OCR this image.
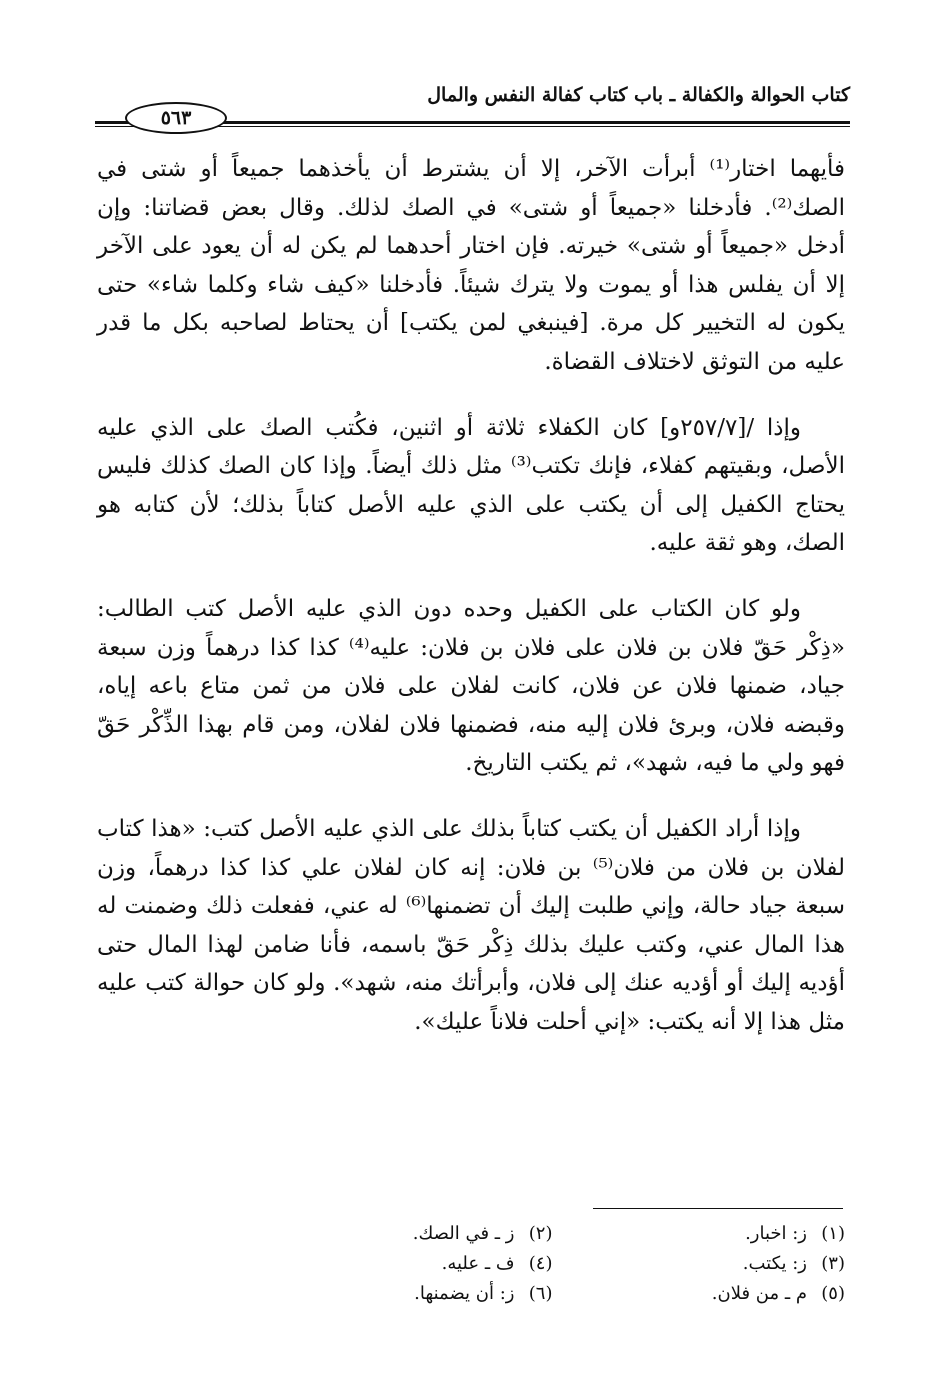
كتاب الحوالة والكفالة ـ باب كتاب كفالة النفس والمال
٥٦٣

فأيهما اختار⁽¹⁾ أبرأت الآخر، إلا أن يشترط أن يأخذهما جميعاً أو شتى في الصك⁽²⁾. فأدخلنا «جميعاً أو شتى» في الصك لذلك. وقال بعض قضاتنا: وإن أدخل «جميعاً أو شتى» خيرته. فإن اختار أحدهما لم يكن له أن يعود على الآخر إلا أن يفلس هذا أو يموت ولا يترك شيئاً. فأدخلنا «كيف شاء وكلما شاء» حتى يكون له التخيير كل مرة. [فينبغي لمن يكتب] أن يحتاط لصاحبه بكل ما قدر عليه من التوثق لاختلاف القضاة.

وإذا /[٢٥٧/٧و] كان الكفلاء ثلاثة أو اثنين، فكُتب الصك على الذي عليه الأصل، وبقيتهم كفلاء، فإنك تكتب⁽³⁾ مثل ذلك أيضاً. وإذا كان الصك كذلك فليس يحتاج الكفيل إلى أن يكتب على الذي عليه الأصل كتاباً بذلك؛ لأن كتابه هو الصك، وهو ثقة عليه.

ولو كان الكتاب على الكفيل وحده دون الذي عليه الأصل كتب الطالب: «ذِكْر حَقّ فلان بن فلان على فلان بن فلان: عليه⁽⁴⁾ كذا كذا درهماً وزن سبعة جياد، ضمنها فلان عن فلان، كانت لفلان على فلان من ثمن متاع باعه إياه، وقبضه فلان، وبرئ فلان إليه منه، فضمنها فلان لفلان، ومن قام بهذا الذِّكْر حَقّ فهو ولي ما فيه، شهد»، ثم يكتب التاريخ.

وإذا أراد الكفيل أن يكتب كتاباً بذلك على الذي عليه الأصل كتب: «هذا كتاب لفلان بن فلان من فلان⁽⁵⁾ بن فلان: إنه كان لفلان علي كذا كذا درهماً، وزن سبعة جياد حالة، وإني طلبت إليك أن تضمنها⁽⁶⁾ له عني، ففعلت ذلك وضمنت له هذا المال عني، وكتب عليك بذلك ذِكْر حَقّ باسمه، فأنا ضامن لهذا المال حتى أؤديه إليك أو أؤديه عنك إلى فلان، وأبرأتك منه، شهد». ولو كان حوالة كتب عليه مثل هذا إلا أنه يكتب: «إني أحلت فلاناً عليك».

(١)ز: اخبار.
(٢)ز ـ في الصك.
(٣)ز: يكتب.
(٤)ف ـ عليه.
(٥)م ـ من فلان.
(٦)ز: أن يضمنها.
